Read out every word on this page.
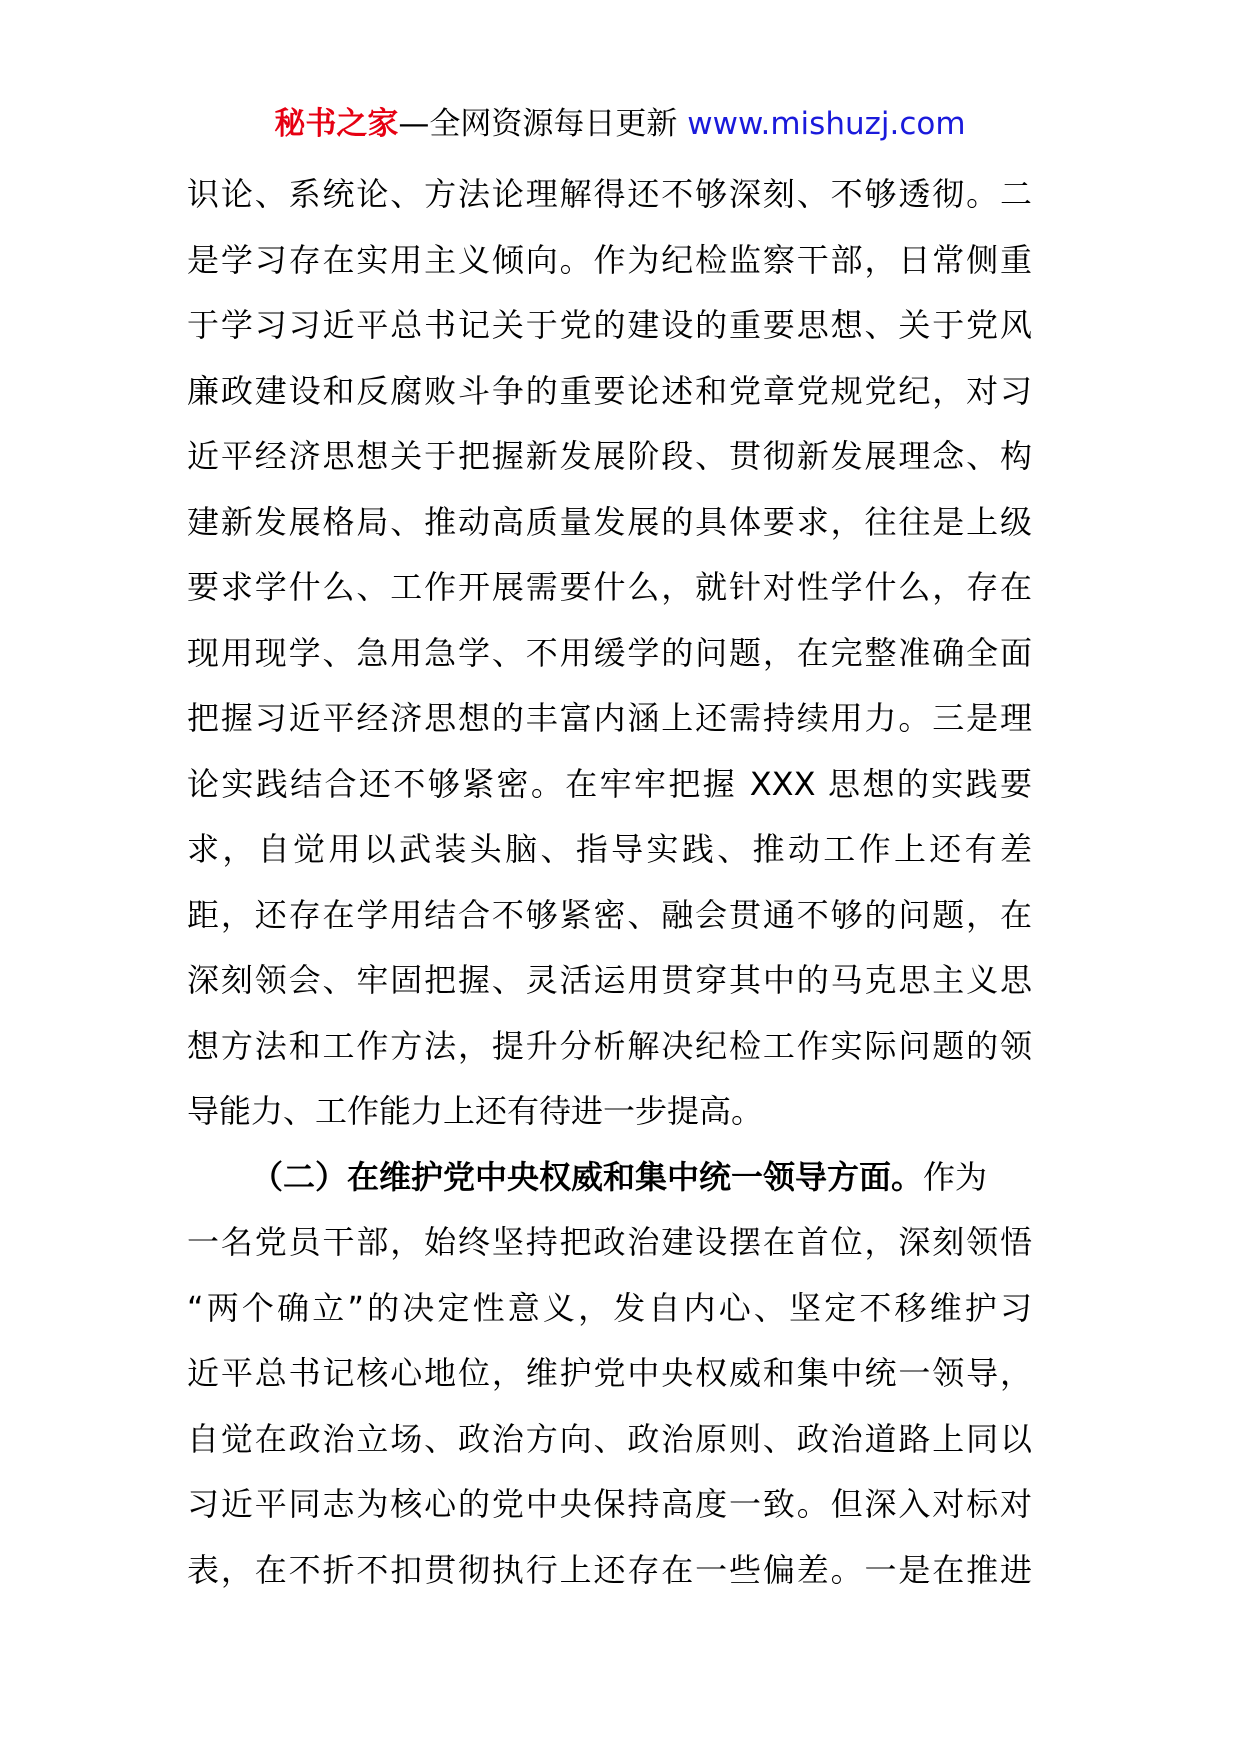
秘书之家—全网资源每日更新 www.mishuzj.com
识论、系统论、方法论理解得还不够深刻、不够透彻。二
是学习存在实用主义倾向。作为纪检监察干部，日常侧重
于学习习近平总书记关于党的建设的重要思想、关于党风
廉政建设和反腐败斗争的重要论述和党章党规党纪，对习
近平经济思想关于把握新发展阶段、贯彻新发展理念、构
建新发展格局、推动高质量发展的具体要求，往往是上级
要求学什么、工作开展需要什么，就针对性学什么，存在
现用现学、急用急学、不用缓学的问题，在完整准确全面
把握习近平经济思想的丰富内涵上还需持续用力。三是理
论实践结合还不够紧密。在牢牢把握 XXX 思想的实践要
求，自觉用以武装头脑、指导实践、推动工作上还有差
距，还存在学用结合不够紧密、融会贯通不够的问题，在
深刻领会、牢固把握、灵活运用贯穿其中的马克思主义思
想方法和工作方法，提升分析解决纪检工作实际问题的领
导能力、工作能力上还有待进一步提高。
（二）在维护党中央权威和集中统一领导方面。作为
一名党员干部，始终坚持把政治建设摆在首位，深刻领悟
“两个确立”的决定性意义，发自内心、坚定不移维护习
近平总书记核心地位，维护党中央权威和集中统一领导，
自觉在政治立场、政治方向、政治原则、政治道路上同以
习近平同志为核心的党中央保持高度一致。但深入对标对
表，在不折不扣贯彻执行上还存在一些偏差。一是在推进
